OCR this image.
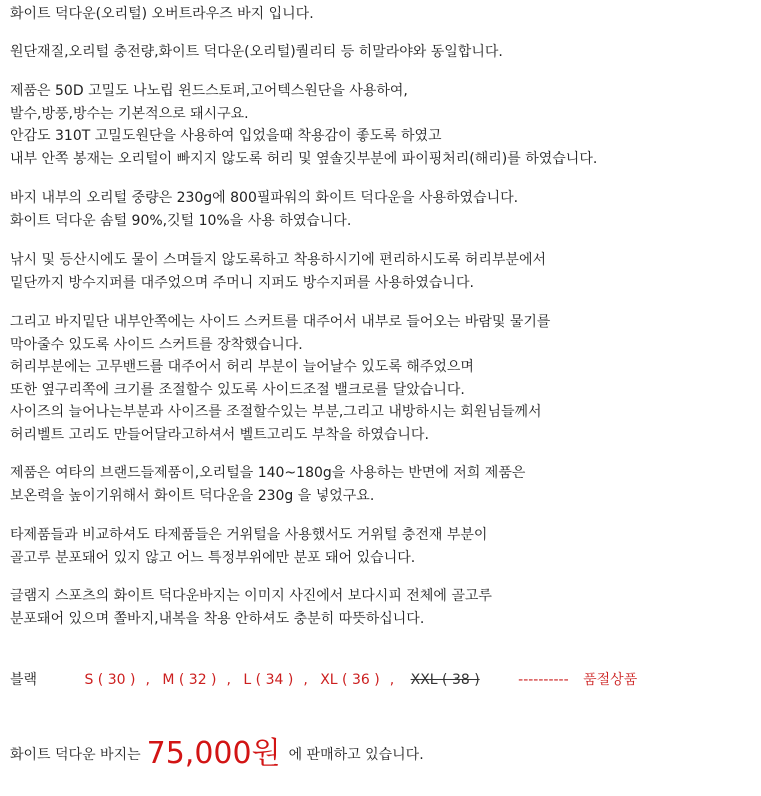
화이트 덕다운(오리털) 오버트라우즈 바지 입니다.

원단재질,오리털 충전량,화이트 덕다운(오리털)퀄리티 등 히말라야와 동일합니다.

제품은 50D 고밀도 나노립 윈드스토퍼,고어텍스원단을 사용하여,
발수,방풍,방수는 기본적으로 돼시구요.
안감도 310T 고밀도원단을 사용하여 입었을때 착용감이 좋도록 하였고
내부 안쪽 봉재는 오리털이 빠지지 않도록 허리 및 옆솔깃부분에 파이핑처리(해리)를 하였습니다.

바지 내부의 오리털 중량은 230g에 800필파워의 화이트 덕다운을 사용하였습니다.
화이트 덕다운 솜털 90%,깃털 10%을 사용 하였습니다.

낚시 및 등산시에도 물이 스며들지 않도록하고 착용하시기에 편리하시도록 허리부분에서
밑단까지 방수지퍼를 대주었으며 주머니 지퍼도 방수지퍼를 사용하였습니다.

그리고 바지밑단 내부안쪽에는 사이드 스커트를 대주어서 내부로 들어오는 바람및 물기를
막아줄수 있도록 사이드 스커트를 장착했습니다.
허리부분에는 고무밴드를 대주어서 허리 부분이 늘어날수 있도록 해주었으며
또한 옆구리쪽에 크기를 조절할수 있도록 사이드조절 밸크로를 달았습니다.
사이즈의 늘어나는부분과 사이즈를 조절할수있는 부분,그리고 내방하시는 회원님들께서
허리벨트 고리도 만들어달라고하셔서 벨트고리도 부착을 하였습니다.

제품은 여타의 브랜드들제품이,오리털을 140~180g을 사용하는 반면에 저희 제품은
보온력을 높이기위해서 화이트 덕다운을 230g 을 넣었구요.

타제품들과 비교하셔도 타제품들은 거위털을 사용했서도 거위털 충전재 부분이
골고루 분포돼어 있지 않고 어느 특정부위에만 분포 돼어 있습니다.

글램지 스포츠의 화이트 덕다운바지는 이미지 사진에서 보다시피 전체에 골고루
분포돼어 있으며 쫄바지,내복을 착용 안하셔도 충분히 따뜻하십니다.

블랙	S ( 30 ) , M ( 32 ) , L ( 34 ) , XL ( 36 ) , XXL ( 38 )	---------- 품절상품
화이트 덕다운 바지는 75,000원 에 판매하고 있습니다.
